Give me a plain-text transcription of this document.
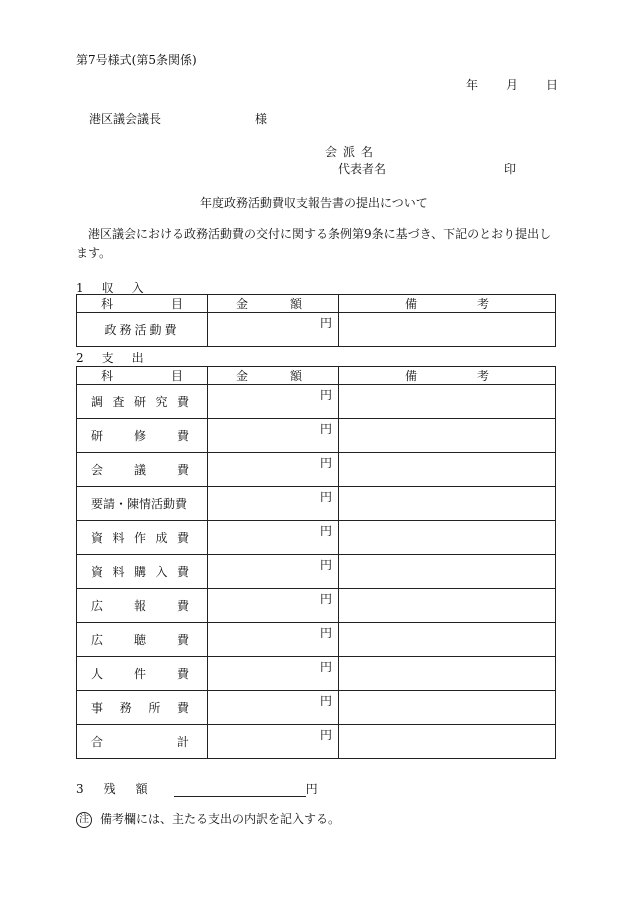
第7号様式(第5条関係)
年 月 日
港区議会議長	様
会 派 名
代表者名	印
年度政務活動費収支報告書の提出について
港区議会における政務活動費の交付に関する条例第9条に基づき、下記のとおり提出します。
1 収 入
科 目	金 額	備 考

政務活動費	円	

2 支 出
科 目	金 額	備 考

調 査 研 究 費	円	

研 修 費	円	

会 議 費	円	

要請・陳情活動費	円	

資 料 作 成 費	円	

資 料 購 入 費	円	

広 報 費	円	

広 聴 費	円	

人 件 費	円	

事 務 所 費	円	

合 計	円	

3 残 額	円
注 備考欄には、主たる支出の内訳を記入する。
